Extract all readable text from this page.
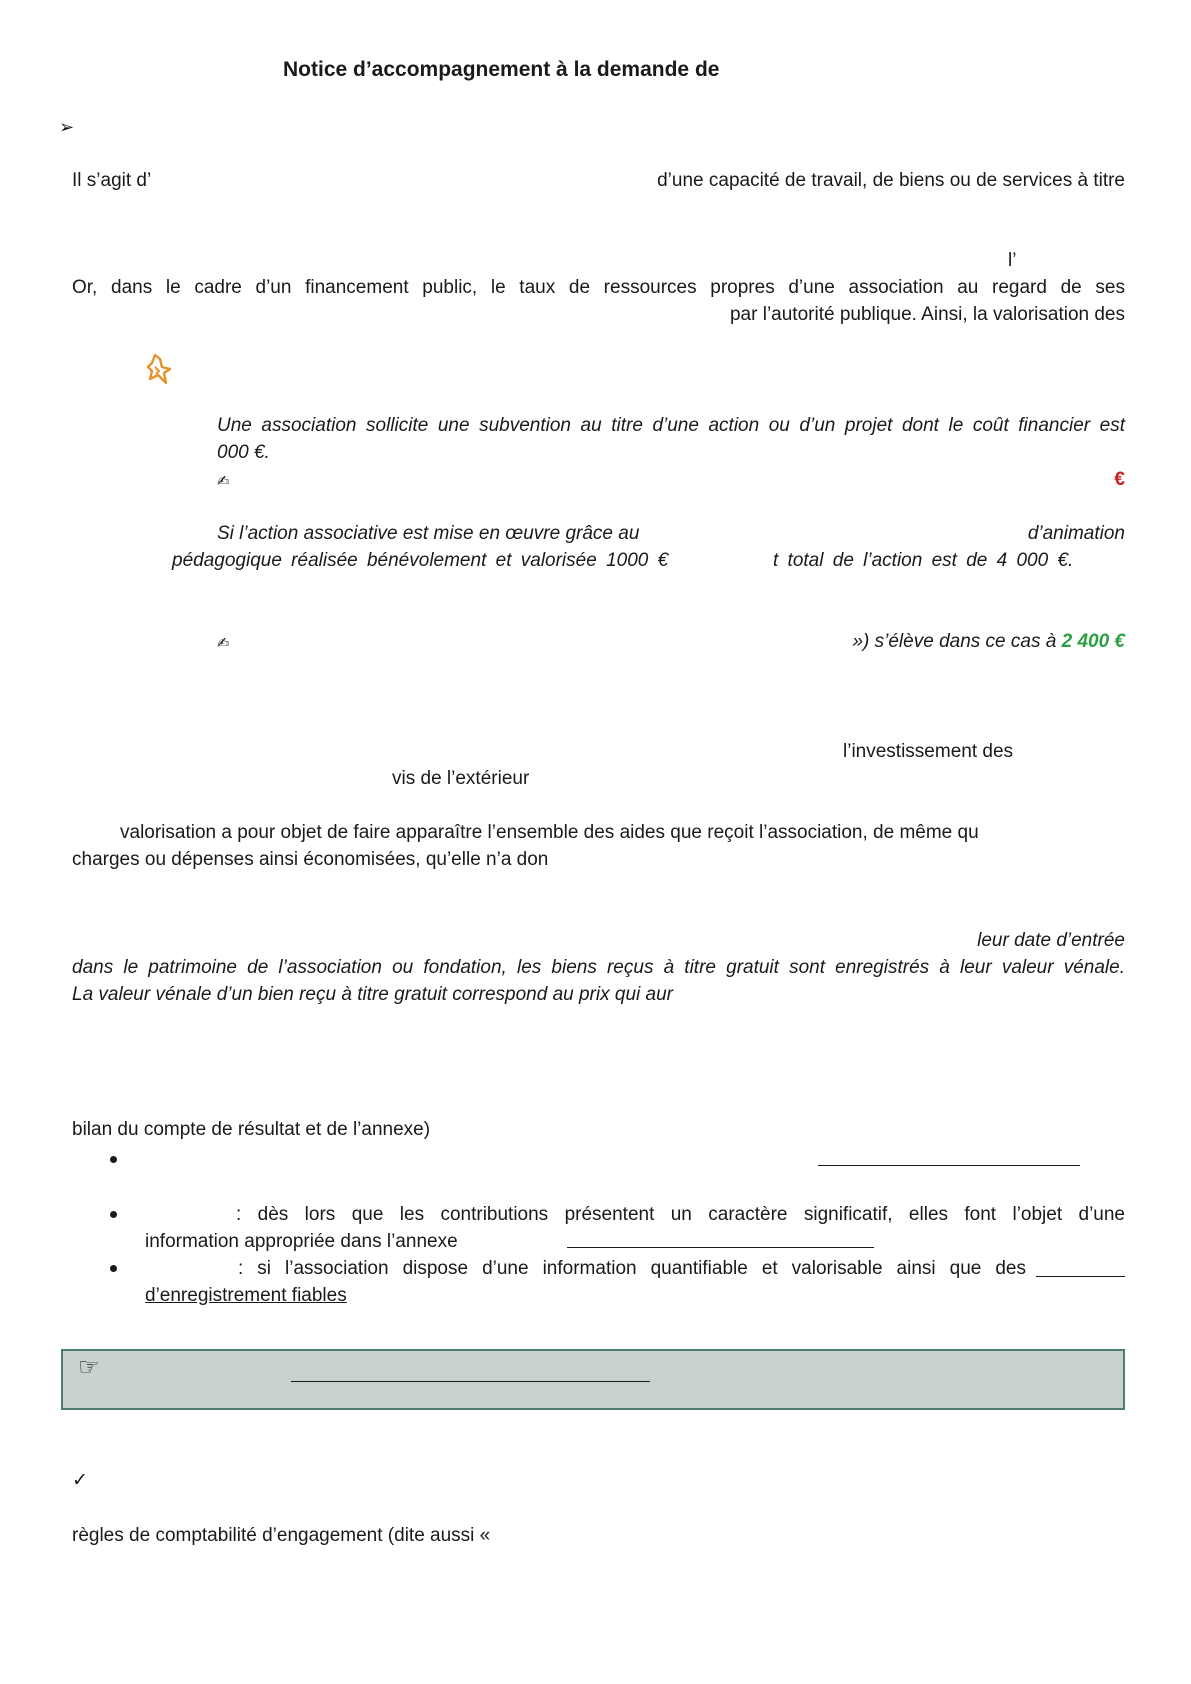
Notice d’accompagnement à la demande de
➢
Il s’agit d’	d’une capacité de travail, de biens ou de services à titre
l’
Or, dans le cadre d’un financement public, le taux de ressources propres d’une association au regard de ses
par l’autorité publique. Ainsi, la valorisation des
Une association sollicite une subvention au titre d’une action ou d’un projet dont le coût financier est
000 €.
✍	€
Si l’action associative est mise en œuvre grâce au	d’animation
pédagogique réalisée bénévolement et valorisée 1000 €	t total de l’action est de 4 000 €.
✍	») s’élève dans ce cas à 2 400 €
l’investissement des
vis de l’extérieur
valorisation a pour objet de faire apparaître l’ensemble des aides que reçoit l’association, de même qu
charges ou dépenses ainsi économisées, qu’elle n’a don
leur date d’entrée
dans le patrimoine de l’association ou fondation, les biens reçus à titre gratuit sont enregistrés à leur valeur vénale.
La valeur vénale d’un bien reçu à titre gratuit correspond au prix qui aur
bilan du compte de résultat et de l’annexe)
: dès lors que les contributions présentent un caractère significatif, elles font l’objet d’une
information appropriée dans l’annexe
: si l’association dispose d’une information quantifiable et valorisable ainsi que des
d’enregistrement fiables
☞
✓
règles de comptabilité d’engagement (dite aussi «
